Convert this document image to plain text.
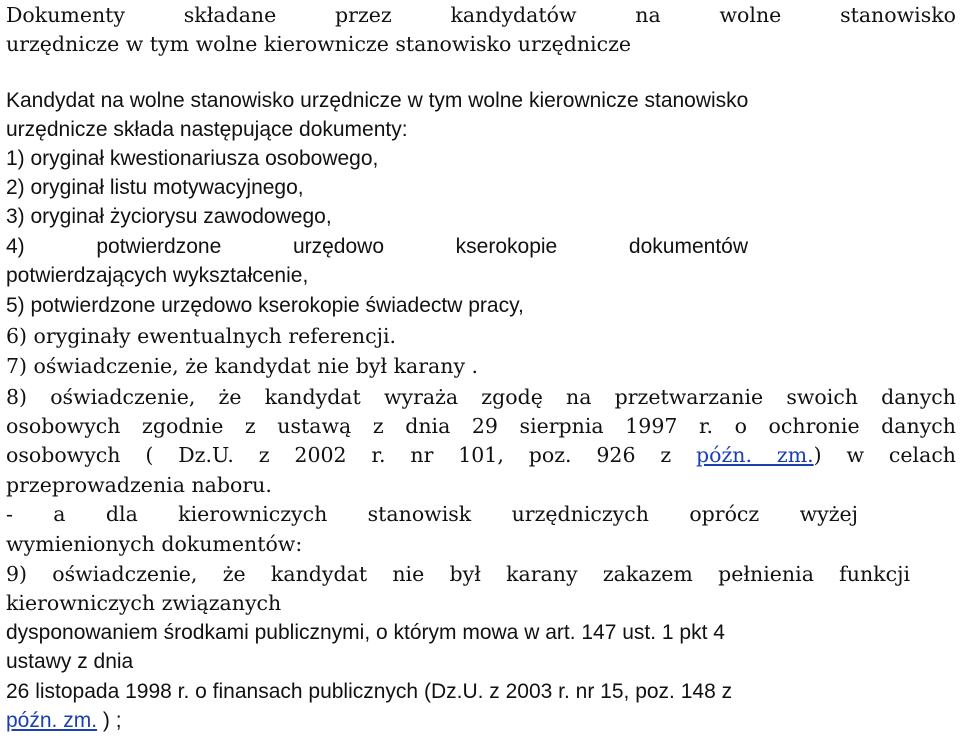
Dokumenty składane przez kandydatów na wolne stanowisko
urzędnicze w tym wolne kierownicze stanowisko urzędnicze
Kandydat na wolne stanowisko urzędnicze w tym wolne kierownicze stanowisko
urzędnicze składa następujące dokumenty:
1) oryginał kwestionariusza osobowego,
2) oryginał listu motywacyjnego,
3) oryginał życiorysu zawodowego,
4) potwierdzone urzędowo kserokopie dokumentów
potwierdzających wykształcenie,
5) potwierdzone urzędowo kserokopie świadectw pracy,
6) oryginały ewentualnych referencji.
7) oświadczenie, że kandydat nie był karany .
8) oświadczenie, że kandydat wyraża zgodę na przetwarzanie swoich danych
osobowych zgodnie z ustawą z dnia 29 sierpnia 1997 r. o ochronie danych
osobowych ( Dz.U. z 2002 r. nr 101, poz. 926 z późn. zm.) w celach
przeprowadzenia naboru.
- a dla kierowniczych stanowisk urzędniczych oprócz wyżej
wymienionych dokumentów:
9) oświadczenie, że kandydat nie był karany zakazem pełnienia funkcji
kierowniczych związanych
dysponowaniem środkami publicznymi, o którym mowa w art. 147 ust. 1 pkt 4
ustawy z dnia
26 listopada 1998 r. o finansach publicznych (Dz.U. z 2003 r. nr 15, poz. 148 z
późn. zm. ) ;
